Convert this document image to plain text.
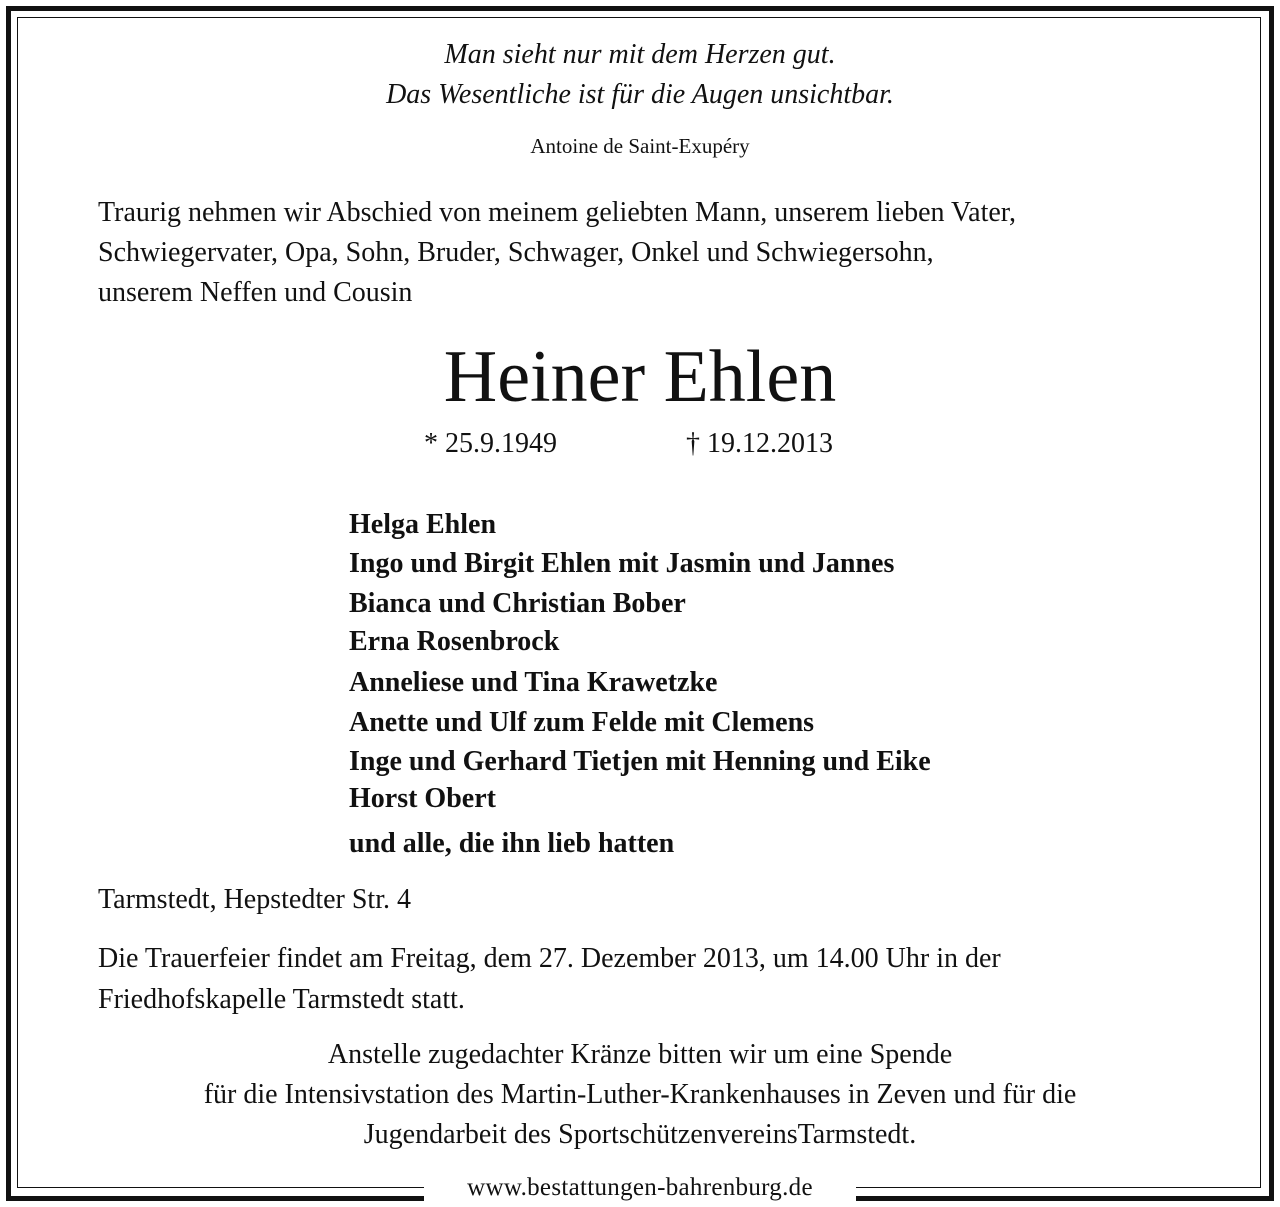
Man sieht nur mit dem Herzen gut.
Das Wesentliche ist für die Augen unsichtbar.
Antoine de Saint-Exupéry
Traurig nehmen wir Abschied von meinem geliebten Mann, unserem lieben Vater,
Schwiegervater, Opa, Sohn, Bruder, Schwager, Onkel und Schwiegersohn,
unserem Neffen und Cousin
Heiner Ehlen
* 25.9.1949	† 19.12.2013
Helga Ehlen
Ingo und Birgit Ehlen mit Jasmin und Jannes
Bianca und Christian Bober
Erna Rosenbrock
Anneliese und Tina Krawetzke
Anette und Ulf zum Felde mit Clemens
Inge und Gerhard Tietjen mit Henning und Eike
Horst Obert
und alle, die ihn lieb hatten
Tarmstedt, Hepstedter Str. 4
Die Trauerfeier findet am Freitag, dem 27. Dezember 2013, um 14.00 Uhr in der
Friedhofskapelle Tarmstedt statt.
Anstelle zugedachter Kränze bitten wir um eine Spende
für die Intensivstation des Martin-Luther-Krankenhauses in Zeven und für die
Jugendarbeit des SportschützenvereinsTarmstedt.
www.bestattungen-bahrenburg.de
